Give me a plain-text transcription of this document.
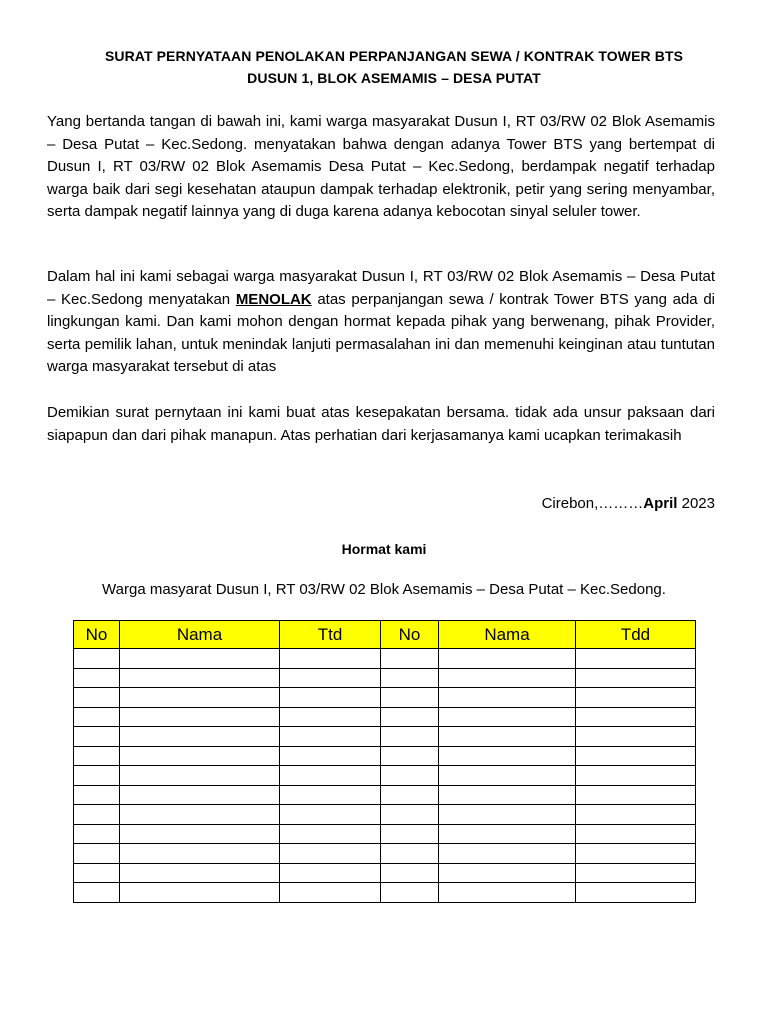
SURAT PERNYATAAN PENOLAKAN PERPANJANGAN SEWA / KONTRAK TOWER BTS
DUSUN 1, BLOK ASEMAMIS – DESA PUTAT
Yang bertanda tangan di bawah ini, kami warga masyarakat Dusun I, RT 03/RW 02 Blok Asemamis – Desa Putat – Kec.Sedong. menyatakan bahwa dengan adanya Tower BTS yang bertempat di Dusun I, RT 03/RW 02 Blok Asemamis Desa Putat – Kec.Sedong, berdampak negatif terhadap warga baik dari segi kesehatan ataupun dampak terhadap elektronik, petir yang sering menyambar, serta dampak negatif lainnya yang di duga karena adanya kebocotan sinyal seluler tower.
Dalam hal ini kami sebagai warga masyarakat Dusun I, RT 03/RW 02 Blok Asemamis – Desa Putat – Kec.Sedong menyatakan MENOLAK atas perpanjangan sewa / kontrak Tower BTS yang ada di lingkungan kami. Dan kami mohon dengan hormat kepada pihak yang berwenang, pihak Provider, serta pemilik lahan, untuk menindak lanjuti permasalahan ini dan memenuhi keinginan atau tuntutan warga masyarakat tersebut di atas
Demikian surat pernytaan ini kami buat atas kesepakatan bersama. tidak ada unsur paksaan dari siapapun dan dari pihak manapun. Atas perhatian dari kerjasamanya kami ucapkan terimakasih
Cirebon,………April 2023
Hormat kami
Warga masyarat Dusun I, RT 03/RW 02 Blok Asemamis – Desa Putat – Kec.Sedong.
No	Nama	Ttd	No	Nama	Tdd
